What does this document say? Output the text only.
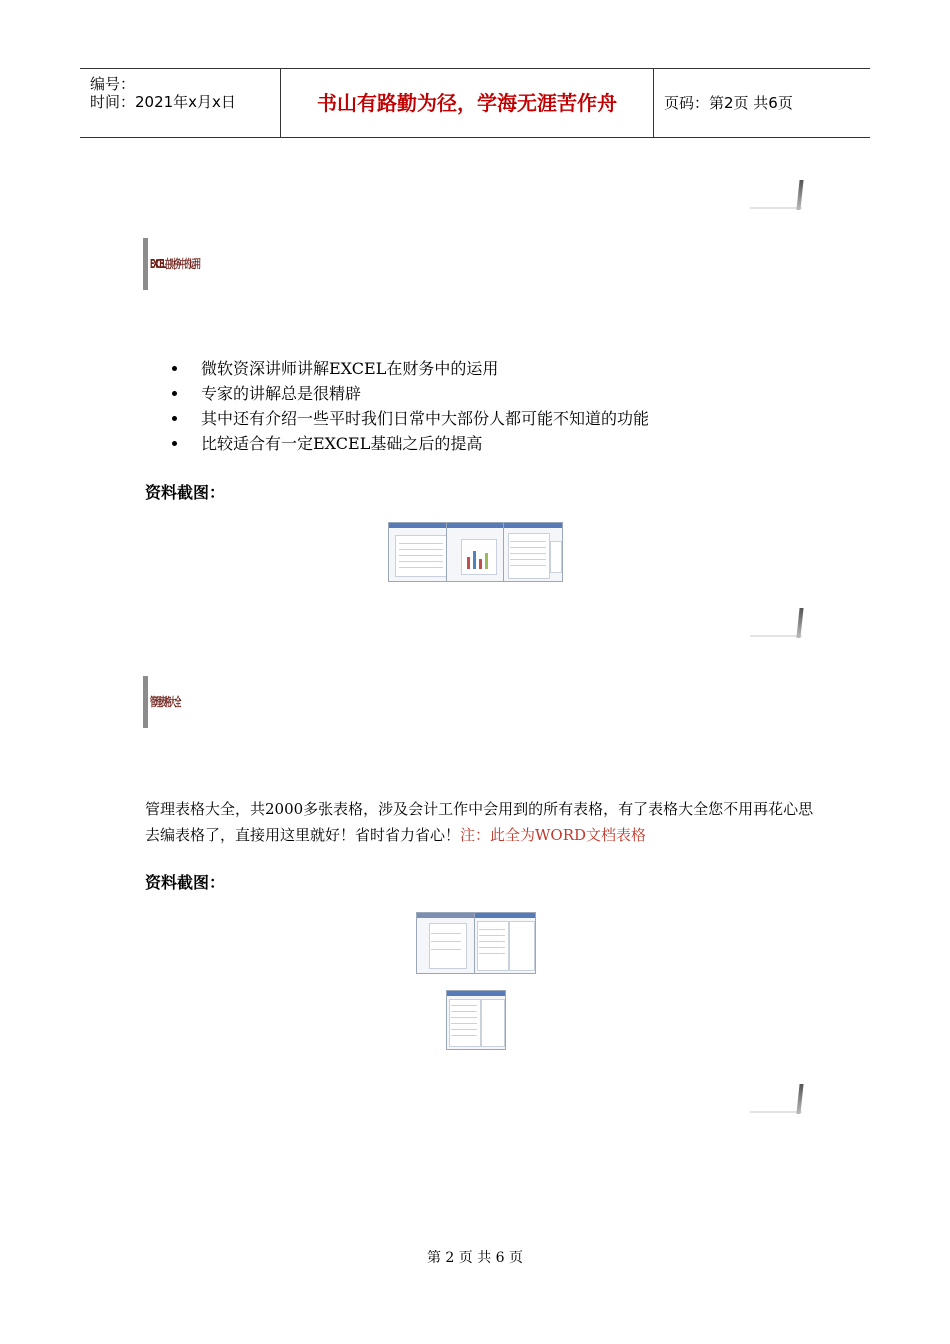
编号：
时间：2021年x月x日	书山有路勤为径，学海无涯苦作舟	页码：第2页 共6页
EXCEL在财务中的运用
微软资深讲师讲解EXCEL在财务中的运用
专家的讲解总是很精辟
其中还有介绍一些平时我们日常中大部份人都可能不知道的功能
比较适合有一定EXCEL基础之后的提高
资料截图：
管理表格大全
管理表格大全，共2000多张表格，涉及会计工作中会用到的所有表格，有了表格大全您不用再花心思去编表格了，直接用这里就好！省时省力省心！注：此全为WORD文档表格
资料截图：
第 2 页 共 6 页
